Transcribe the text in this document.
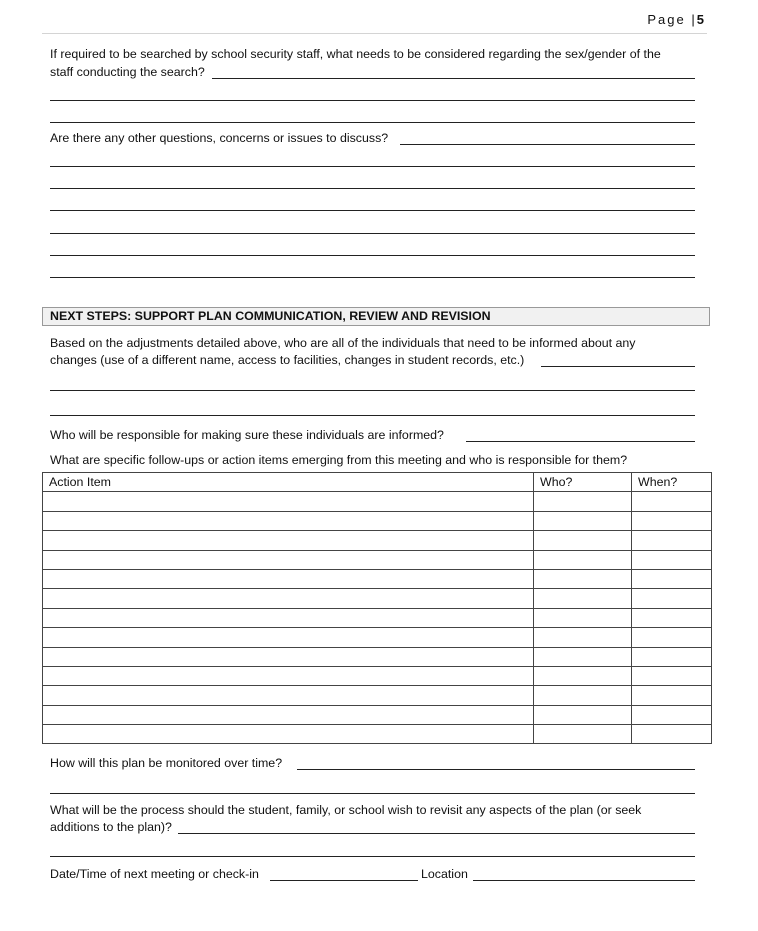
Page |5
If required to be searched by school security staff, what needs to be considered regarding the sex/gender of the
staff conducting the search?
Are there any other questions, concerns or issues to discuss?
NEXT STEPS: SUPPORT PLAN COMMUNICATION, REVIEW AND REVISION
Based on the adjustments detailed above, who are all of the individuals that need to be informed about any
changes (use of a different name, access to facilities, changes in student records, etc.)
Who will be responsible for making sure these individuals are informed?
What are specific follow-ups or action items emerging from this meeting and who is responsible for them?
Action Item	Who?	When?

How will this plan be monitored over time?
What will be the process should the student, family, or school wish to revisit any aspects of the plan (or seek
additions to the plan)?
Date/Time of next meeting or check-in	Location
